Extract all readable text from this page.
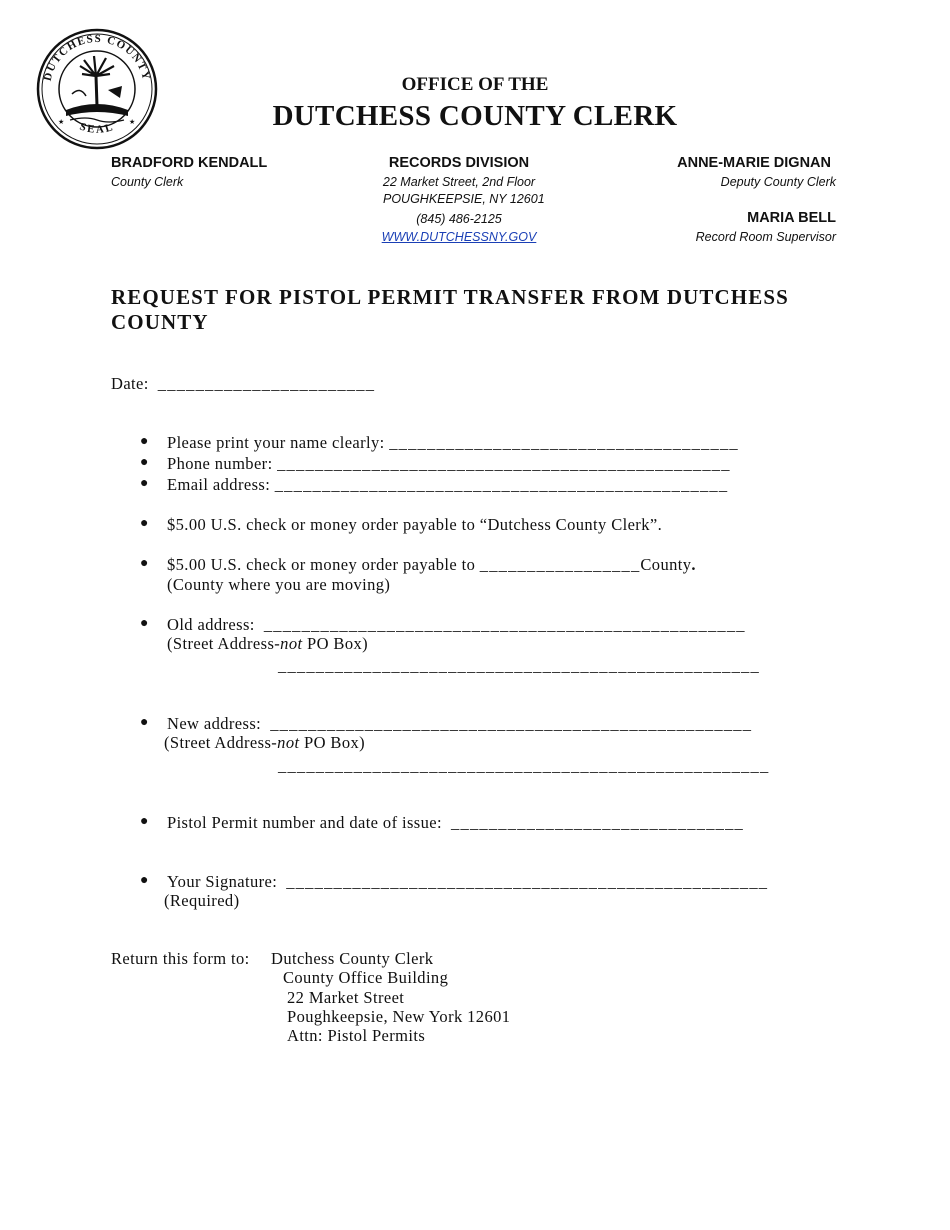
DUTCHESS COUNTY
SEAL
★	★
OFFICE OF THE
DUTCHESS COUNTY CLERK
BRADFORD KENDALL
County Clerk
RECORDS DIVISION
22 Market Street, 2nd Floor
POUGHKEEPSIE, NY 12601
(845) 486-2125
WWW.DUTCHESSNY.GOV
ANNE-MARIE DIGNAN
Deputy County Clerk
MARIA BELL
Record Room Supervisor
REQUEST FOR PISTOL PERMIT TRANSFER FROM DUTCHESS COUNTY
Date: _______________________
● Please print your name clearly: _____________________________________
● Phone number: ________________________________________________
● Email address: ________________________________________________
● $5.00 U.S. check or money order payable to “Dutchess County Clerk”.
● $5.00 U.S. check or money order payable to _________________County.
(County where you are moving)
● Old address: ___________________________________________________
(Street Address-not PO Box)
___________________________________________________
● New address: ___________________________________________________
(Street Address-not PO Box)
____________________________________________________
● Pistol Permit number and date of issue: _______________________________
● Your Signature: ___________________________________________________
(Required)
Return this form to: Dutchess County Clerk
County Office Building
22 Market Street
Poughkeepsie, New York 12601
Attn: Pistol Permits
